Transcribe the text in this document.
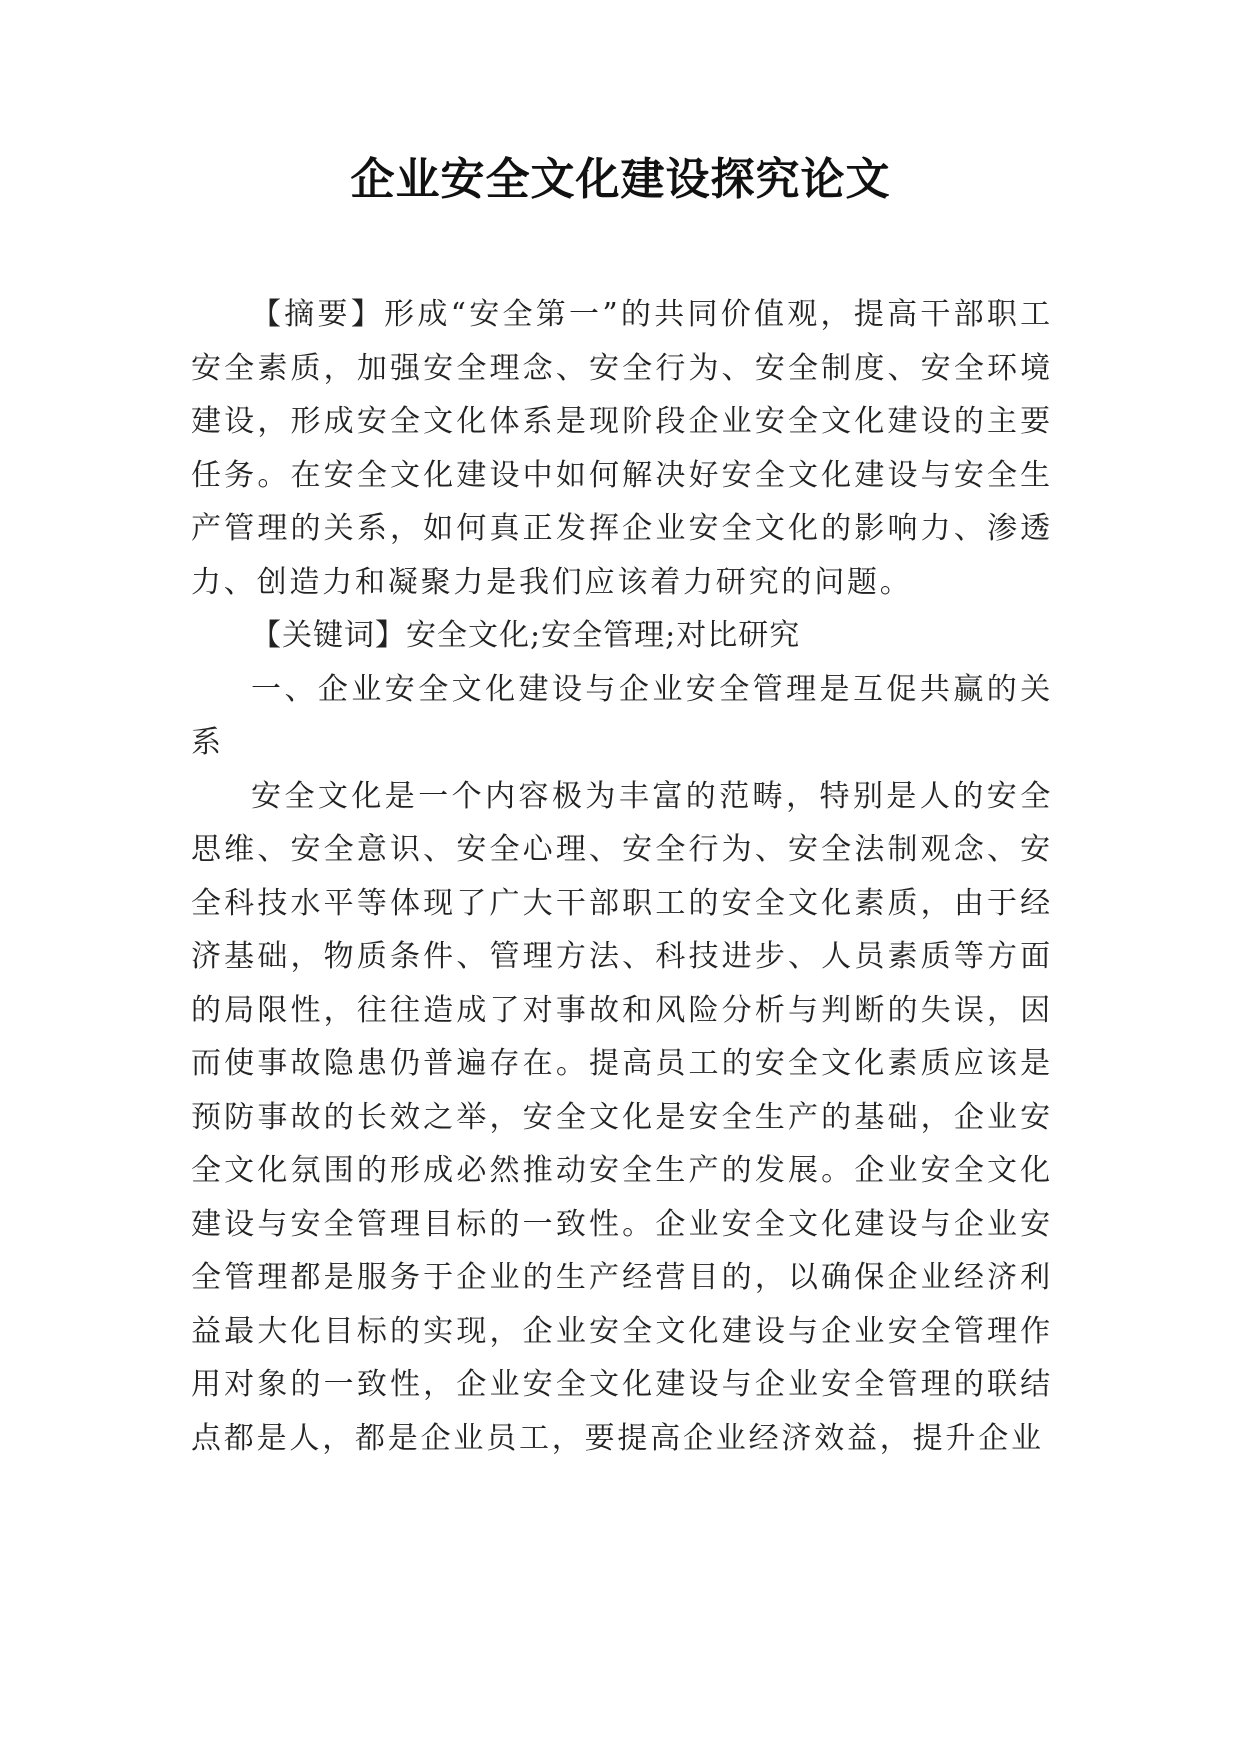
企业安全文化建设探究论文

【摘要】形成“安全第一”的共同价值观，提高干部职工安全素质，加强安全理念、安全行为、安全制度、安全环境建设，形成安全文化体系是现阶段企业安全文化建设的主要任务。在安全文化建设中如何解决好安全文化建设与安全生产管理的关系，如何真正发挥企业安全文化的影响力、渗透力、创造力和凝聚力是我们应该着力研究的问题。

【关键词】安全文化;安全管理;对比研究

一、企业安全文化建设与企业安全管理是互促共赢的关系

安全文化是一个内容极为丰富的范畴，特别是人的安全思维、安全意识、安全心理、安全行为、安全法制观念、安全科技水平等体现了广大干部职工的安全文化素质，由于经济基础，物质条件、管理方法、科技进步、人员素质等方面的局限性，往往造成了对事故和风险分析与判断的失误，因而使事故隐患仍普遍存在。提高员工的安全文化素质应该是预防事故的长效之举，安全文化是安全生产的基础，企业安全文化氛围的形成必然推动安全生产的发展。企业安全文化建设与安全管理目标的一致性。企业安全文化建设与企业安全管理都是服务于企业的生产经营目的，以确保企业经济利益最大化目标的实现，企业安全文化建设与企业安全管理作用对象的一致性，企业安全文化建设与企业安全管理的联结点都是人，都是企业员工，要提高企业经济效益，提升企业
